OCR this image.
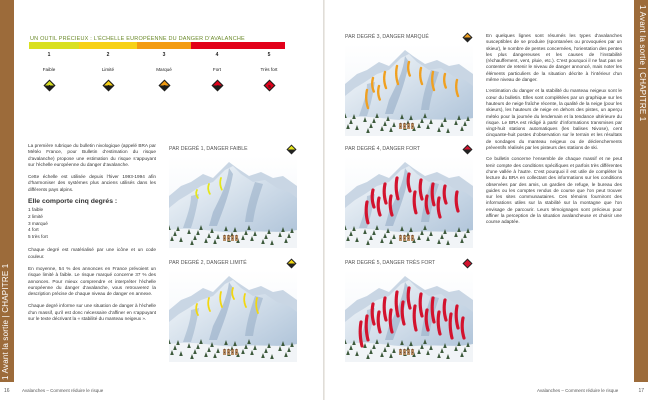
1 Avant la sortie | CHAPITRE 1
1 Avant la sortie | CHAPITRE 1
UN OUTIL PRÉCIEUX : L’ÉCHELLE EUROPÉENNE DU DANGER D’AVALANCHE
1	2	3	4	5
Faible	Limité	Marqué	Fort	Très fort
1	2	3	4	5

La première rubrique du bulletin nivologique (appelé BRA par Météo France, pour Bulletin d’estimation du risque d’avalanche) propose une estimation du risque s’appuyant sur l’échelle européenne du danger d’avalanche.

Cette échelle est utilisée depuis l’hiver 1993-1994 afin d’harmoniser des systèmes plus anciens utilisés dans les différents pays alpins.

Elle comporte cinq degrés :
1 faible
2 limité
3 marqué
4 fort
5 très fort

Chaque degré est matérialisé par une icône et un code couleur.

En moyenne, 54 % des annonces en France prévoient un risque limité à faible. Le risque marqué concerne 37 % des annonces. Pour mieux comprendre et interpréter l’échelle européenne du danger d’avalanche, vous retrouverez la description précise de chaque niveau de danger en annexe.

Chaque degré informe sur une situation de danger à l’échelle d’un massif, qu’il est donc nécessaire d’affiner en s’appuyant sur le texte décrivant la « stabilité du manteau neigeux ».

PAR DEGRÉ 1, DANGER FAIBLE
PAR DEGRÉ 2, DANGER LIMITÉ
PAR DEGRÉ 3, DANGER MARQUÉ
PAR DEGRÉ 4, DANGER FORT
PAR DEGRÉ 5, DANGER TRÈS FORT

En quelques lignes sont résumés les types d’avalanches susceptibles de se produire (spontanées ou provoquées par un skieur), le nombre de pentes concernées, l’orientation des pentes les plus dangereuses et les causes de l’instabilité (réchauffement, vent, pluie, etc.). C’est pourquoi il ne faut pas se contenter de retenir le niveau de danger annoncé, mais noter les éléments particuliers de la situation décrite à l’intérieur d’un même niveau de danger.

L’estimation du danger et la stabilité du manteau neigeux sont le cœur du bulletin. Elles sont complétées par un graphique sur les hauteurs de neige fraîche récente, la qualité de la neige (pour les skieurs), les hauteurs de neige en dehors des pistes, un aperçu météo pour la journée du lendemain et la tendance ultérieure du risque. Le BRA est rédigé à partir d’informations transmises par vingt-huit stations automatiques (les balises Nivose), cent cinquante-huit postes d’observation sur le terrain et les résultats de sondages du manteau neigeux ou de déclenchements préventifs réalisés par les pisteurs des stations de ski.

Ce bulletin concerne l’ensemble de chaque massif et ne peut tenir compte des conditions spécifiques et parfois très différentes d’une vallée à l’autre. C’est pourquoi il est utile de compléter la lecture du BRA en collectant des informations sur les conditions observées par des amis, un gardien de refuge, le bureau des guides ou les comptes rendus de course que l’on peut trouver sur les sites communautaires. Ces témoins fourniront des informations utiles sur la stabilité sur la montagne que l’on envisage de parcourir. Leurs témoignages sont précieux pour affiner la perception de la situation avalancheuse et choisir une course adaptée.

16	Avalanches – Comment réduire le risque	Avalanches – Comment réduire le risque	17
